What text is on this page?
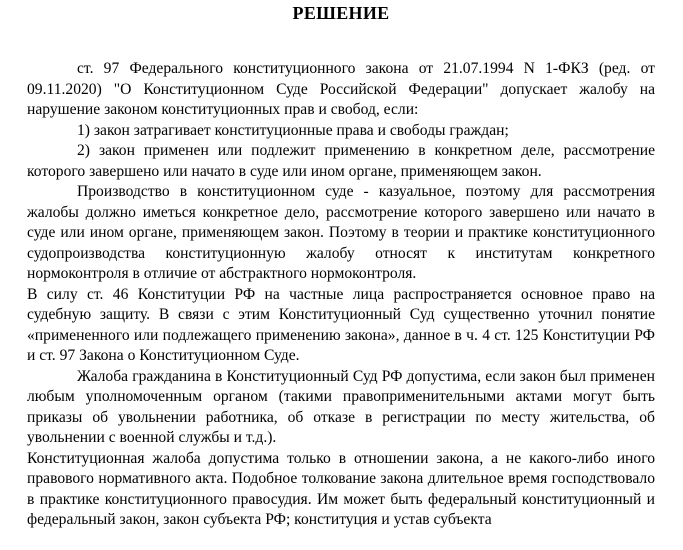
РЕШЕНИЕ

ст. 97 Федерального конституционного закона от 21.07.1994 N 1-ФКЗ (ред. от 09.11.2020) "О Конституционном Суде Российской Федерации" допускает жалобу на нарушение законом конституционных прав и свобод, если:

1) закон затрагивает конституционные права и свободы граждан;

2) закон применен или подлежит применению в конкретном деле, рассмотрение которого завершено или начато в суде или ином органе, применяющем закон.

Производство в конституционном суде - казуальное, поэтому для рассмотрения жалобы должно иметься конкретное дело, рассмотрение которого завершено или начато в суде или ином органе, применяющем закон. Поэтому в теории и практике конституционного судопроизводства конституционную жалобу относят к институтам конкретного нормоконтроля в отличие от абстрактного нормоконтроля.

В силу ст. 46 Конституции РФ на частные лица распространяется основное право на судебную защиту. В связи с этим Конституционный Суд существенно уточнил понятие «примененного или подлежащего применению закона», данное в ч. 4 ст. 125 Конституции РФ и ст. 97 Закона о Конституционном Суде.

Жалоба гражданина в Конституционный Суд РФ допустима, если закон был применен любым уполномоченным органом (такими правоприменительными актами могут быть приказы об увольнении работника, об отказе в регистрации по месту жительства, об увольнении с военной службы и т.д.).

Конституционная жалоба допустима только в отношении закона, а не какого-либо иного правового нормативного акта. Подобное толкование закона длительное время господствовало в практике конституционного правосудия. Им может быть федеральный конституционный и федеральный закон, закон субъекта РФ; конституция и устав субъекта
